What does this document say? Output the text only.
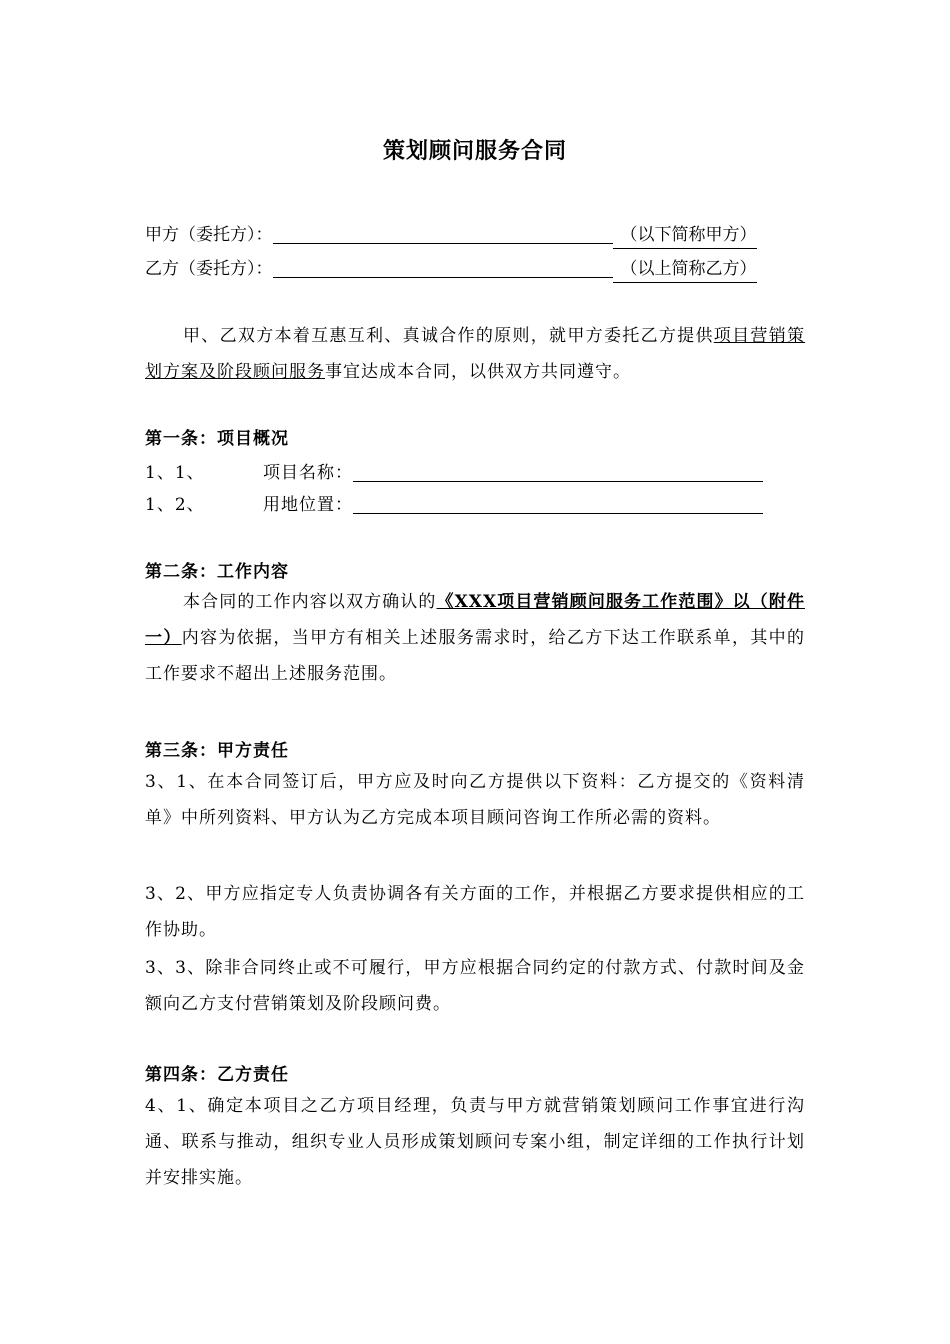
策划顾问服务合同
甲方（委托方）：	（以下简称甲方）
乙方（委托方）：	（以上简称乙方）
甲、乙双方本着互惠互利、真诚合作的原则，就甲方委托乙方提供项目营销策划方案及阶段顾问服务事宜达成本合同，以供双方共同遵守。
第一条：项目概况
1、1、	项目名称：
1、2、	用地位置：
第二条：工作内容
本合同的工作内容以双方确认的《XXX项目营销顾问服务工作范围》以（附件一）内容为依据，当甲方有相关上述服务需求时，给乙方下达工作联系单，其中的工作要求不超出上述服务范围。
第三条：甲方责任
3、1、在本合同签订后，甲方应及时向乙方提供以下资料：乙方提交的《资料清单》中所列资料、甲方认为乙方完成本项目顾问咨询工作所必需的资料。
3、2、甲方应指定专人负责协调各有关方面的工作，并根据乙方要求提供相应的工作协助。
3、3、除非合同终止或不可履行，甲方应根据合同约定的付款方式、付款时间及金额向乙方支付营销策划及阶段顾问费。
第四条：乙方责任
4、1、确定本项目之乙方项目经理，负责与甲方就营销策划顾问工作事宜进行沟通、联系与推动，组织专业人员形成策划顾问专案小组，制定详细的工作执行计划并安排实施。
